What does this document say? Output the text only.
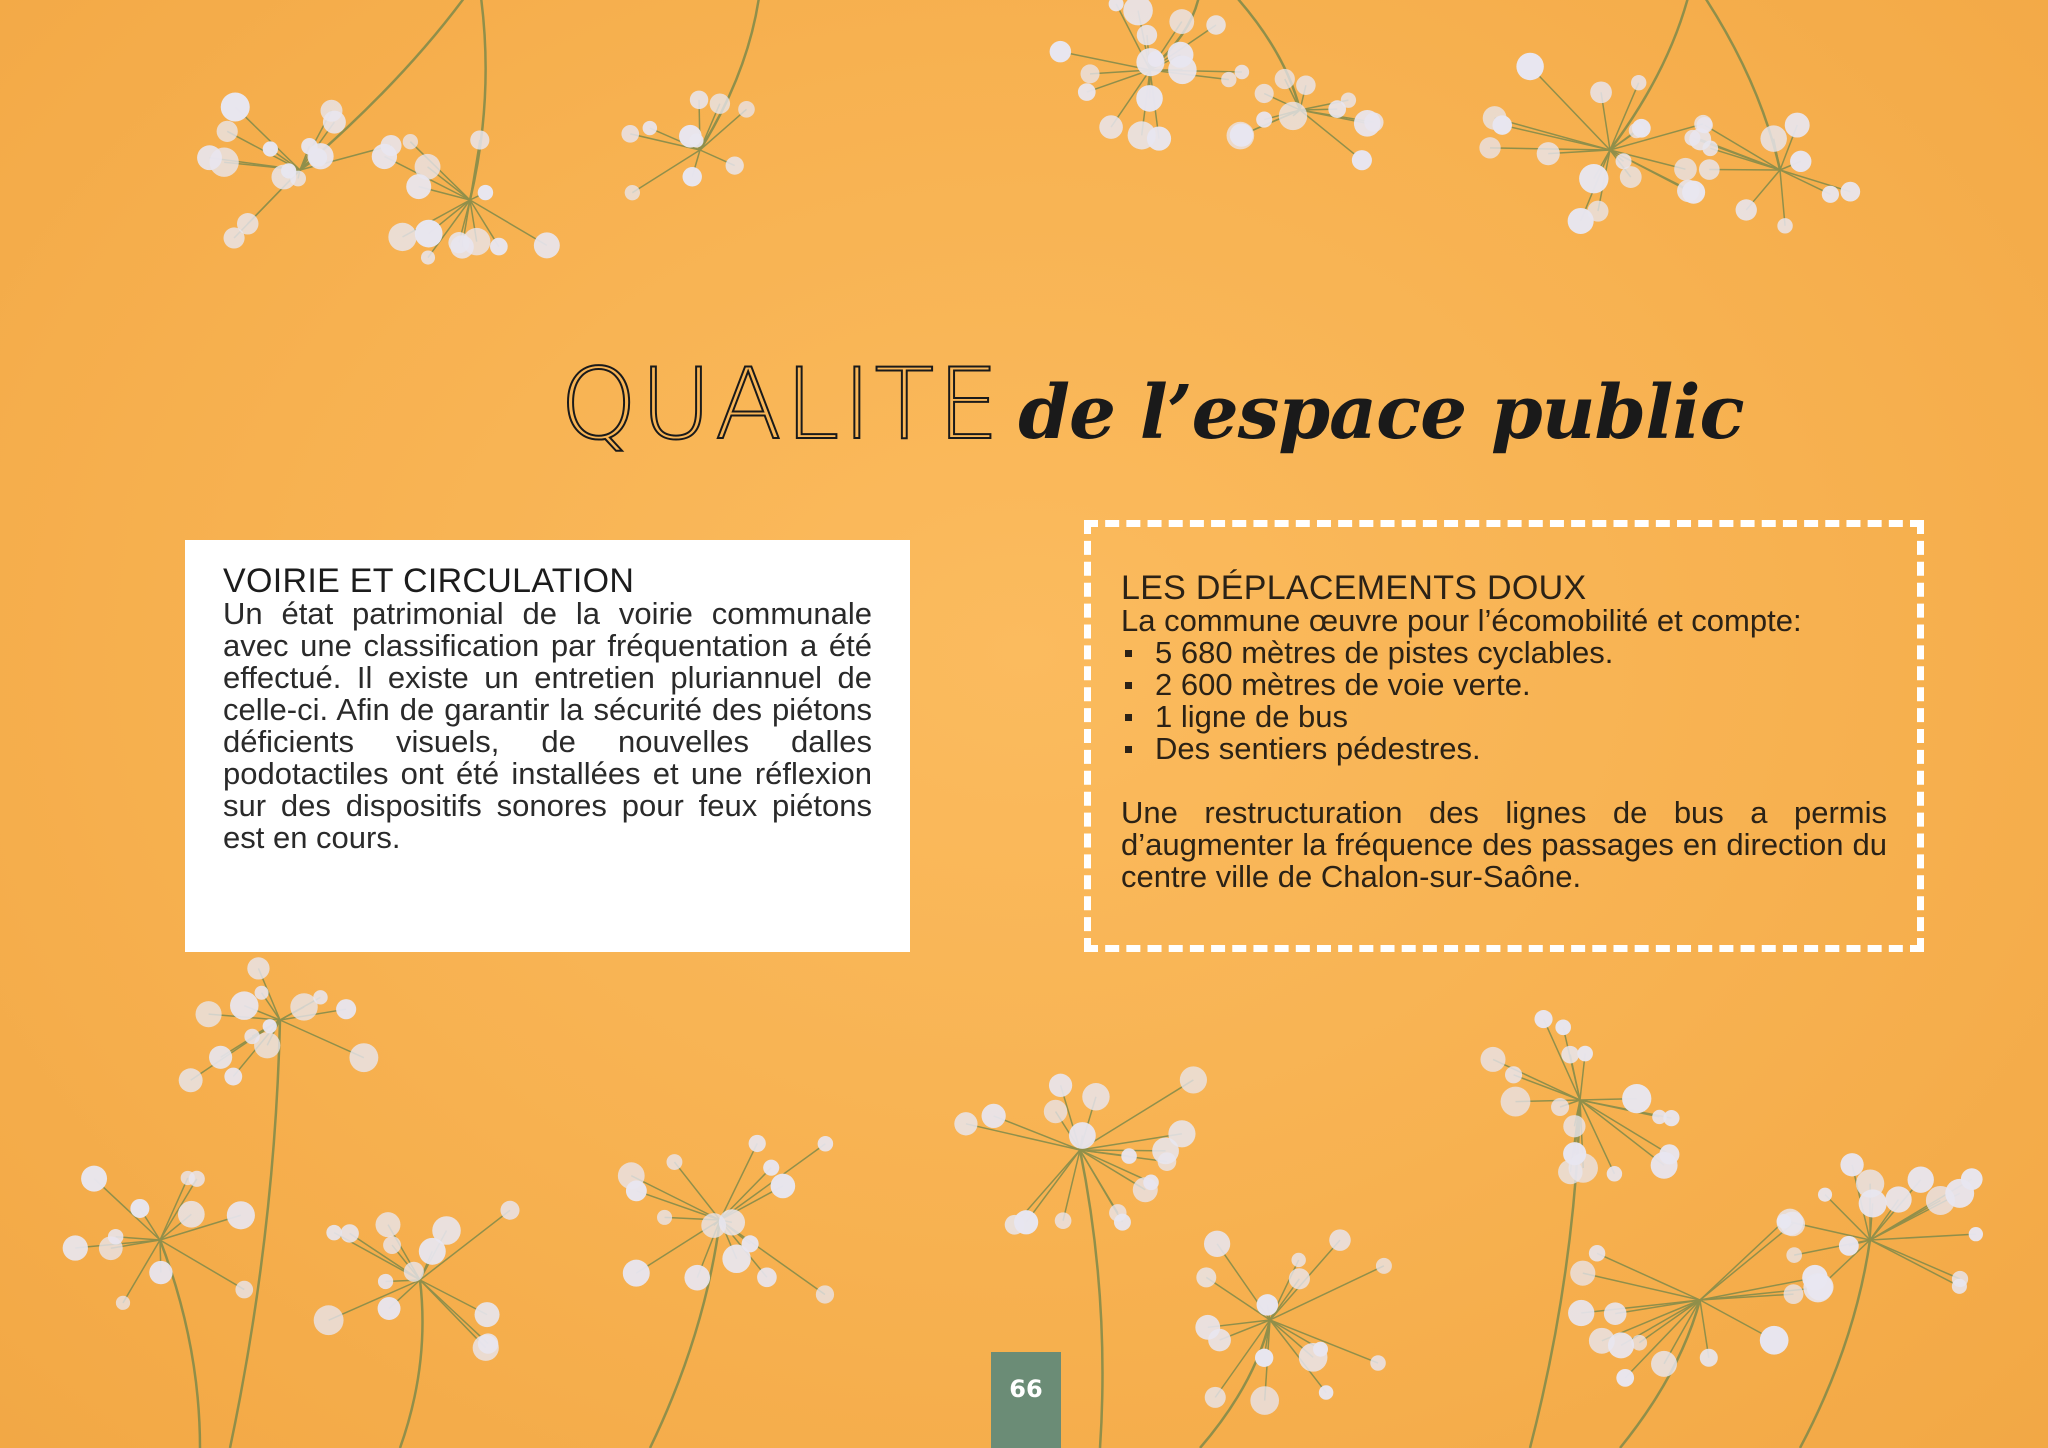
QUALITE de l’espace public
VOIRIE ET CIRCULATION
Un état patrimonial de la voirie communale avec une classification par fréquentation a été effectué. Il existe un entretien pluriannuel de celle-ci. Afin de garantir la sécurité des piétons déficients visuels, de nouvelles dalles podotactiles ont été installées et une réflexion sur des dispositifs sonores pour feux piétons est en cours.
LES DÉPLACEMENTS DOUX
La commune œuvre pour l’écomobilité et compte:
5 680 mètres de pistes cyclables.
2 600 mètres de voie verte.
1 ligne de bus
Des sentiers pédestres.
Une restructuration des lignes de bus a permis d’augmenter la fréquence des passages en direction du centre ville de Chalon-sur-Saône.
66
